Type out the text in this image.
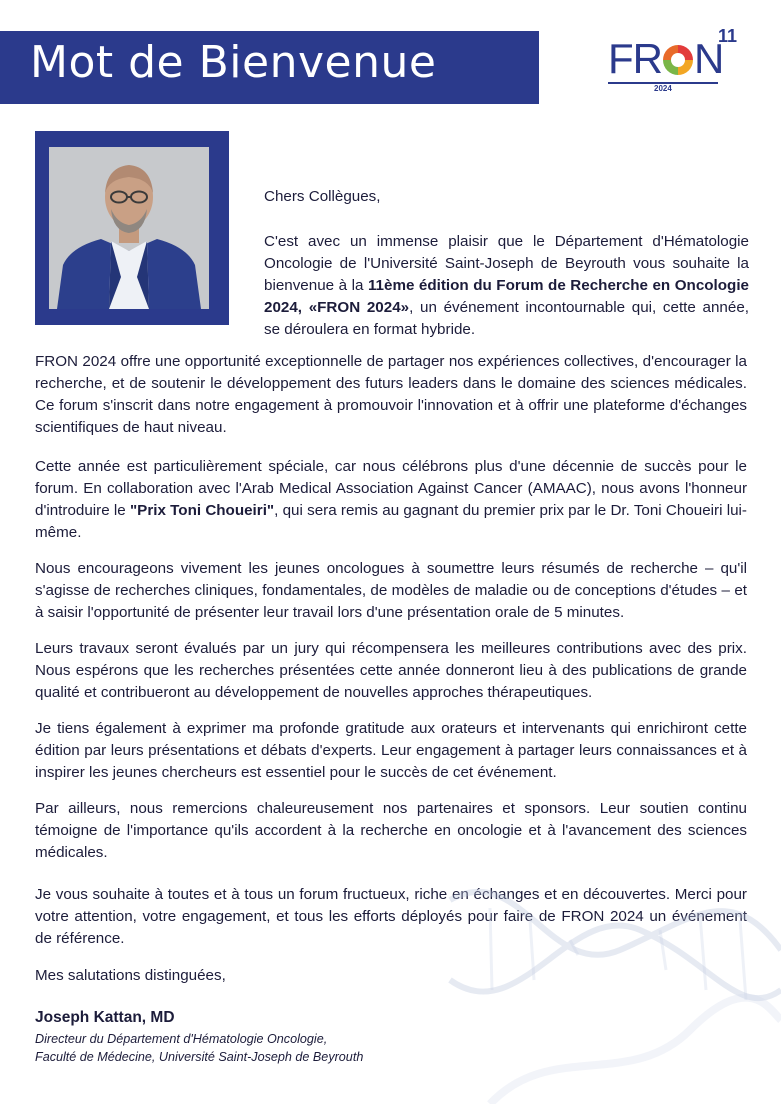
Mot de Bienvenue	FR N
11
2024
Chers Collègues,
C'est avec un immense plaisir que le Département d'Hématologie Oncologie de l'Université Saint-Joseph de Beyrouth vous souhaite la bienvenue à la 11ème édition du Forum de Recherche en Oncologie 2024, «FRON 2024», un événement incontournable qui, cette année, se déroulera en format hybride.
FRON 2024 offre une opportunité exceptionnelle de partager nos expériences collectives, d'encourager la recherche, et de soutenir le développement des futurs leaders dans le domaine des sciences médicales. Ce forum s'inscrit dans notre engagement à promouvoir l'innovation et à offrir une plateforme d'échanges scientifiques de haut niveau.
Cette année est particulièrement spéciale, car nous célébrons plus d'une décennie de succès pour le forum. En collaboration avec l'Arab Medical Association Against Cancer (AMAAC), nous avons l'honneur d'introduire le "Prix Toni Choueiri", qui sera remis au gagnant du premier prix par le Dr. Toni Choueiri lui- même.
Nous encourageons vivement les jeunes oncologues à soumettre leurs résumés de recherche – qu'il s'agisse de recherches cliniques, fondamentales, de modèles de maladie ou de conceptions d'études – et à saisir l'opportunité de présenter leur travail lors d'une présentation orale de 5 minutes.
Leurs travaux seront évalués par un jury qui récompensera les meilleures contributions avec des prix. Nous espérons que les recherches présentées cette année donneront lieu à des publications de grande qualité et contribueront au développement de nouvelles approches thérapeutiques.
Je tiens également à exprimer ma profonde gratitude aux orateurs et intervenants qui enrichiront cette édition par leurs présentations et débats d'experts. Leur engagement à partager leurs connaissances et à inspirer les jeunes chercheurs est essentiel pour le succès de cet événement.
Par ailleurs, nous remercions chaleureusement nos partenaires et sponsors. Leur soutien continu témoigne de l'importance qu'ils accordent à la recherche en oncologie et à l'avancement des sciences médicales.
Je vous souhaite à toutes et à tous un forum fructueux, riche en échanges et en découvertes. Merci pour votre attention, votre engagement, et tous les efforts déployés pour faire de FRON 2024 un événement de référence.
Mes salutations distinguées,
Joseph Kattan, MD
Directeur du Département d'Hématologie Oncologie,
Faculté de Médecine, Université Saint-Joseph de Beyrouth
